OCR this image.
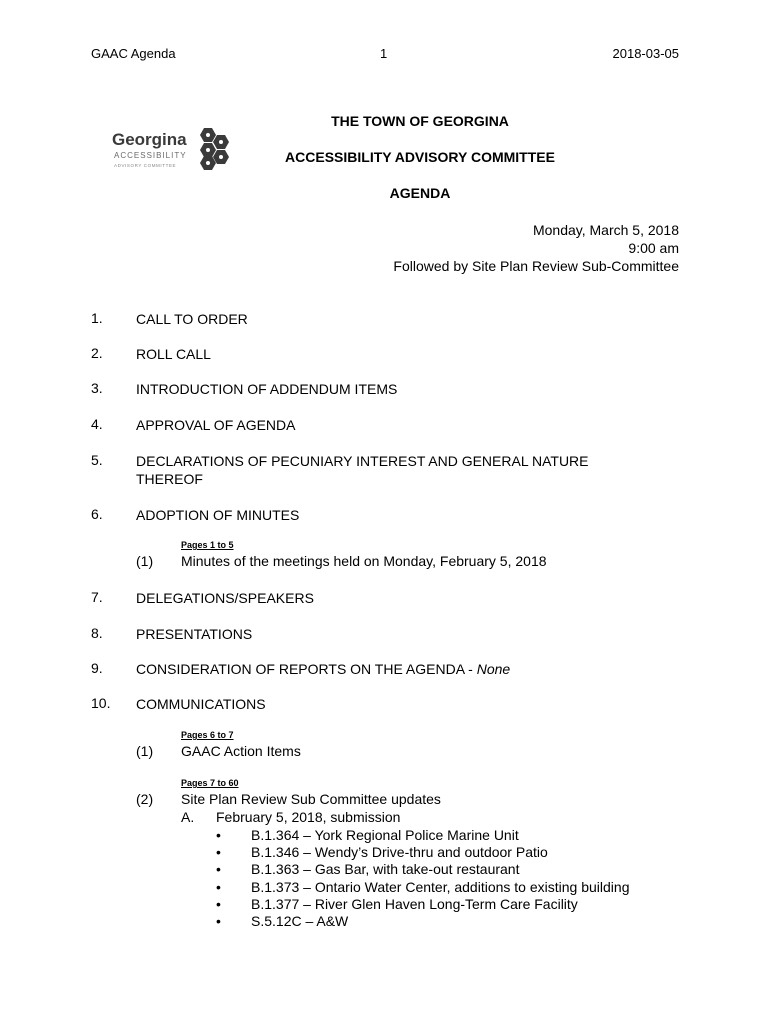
GAAC Agenda	1	2018-03-05
Georgina
ACCESSIBILITY
ADVISORY COMMITTEE
THE TOWN OF GEORGINA
ACCESSIBILITY ADVISORY COMMITTEE
AGENDA
Monday, March 5, 2018
9:00 am
Followed by Site Plan Review Sub-Committee
1. CALL TO ORDER
2. ROLL CALL
3. INTRODUCTION OF ADDENDUM ITEMS
4. APPROVAL OF AGENDA
5. DECLARATIONS OF PECUNIARY INTEREST AND GENERAL NATURE
THEREOF
6. ADOPTION OF MINUTES
Pages 1 to 5
(1) Minutes of the meetings held on Monday, February 5, 2018
7. DELEGATIONS/SPEAKERS
8. PRESENTATIONS
9. CONSIDERATION OF REPORTS ON THE AGENDA - None
10. COMMUNICATIONS
Pages 6 to 7
(1) GAAC Action Items
Pages 7 to 60
(2) Site Plan Review Sub Committee updates
A. February 5, 2018, submission
• B.1.364 – York Regional Police Marine Unit
• B.1.346 – Wendy’s Drive-thru and outdoor Patio
• B.1.363 – Gas Bar, with take-out restaurant
• B.1.373 – Ontario Water Center, additions to existing building
• B.1.377 – River Glen Haven Long-Term Care Facility
• S.5.12C – A&W
